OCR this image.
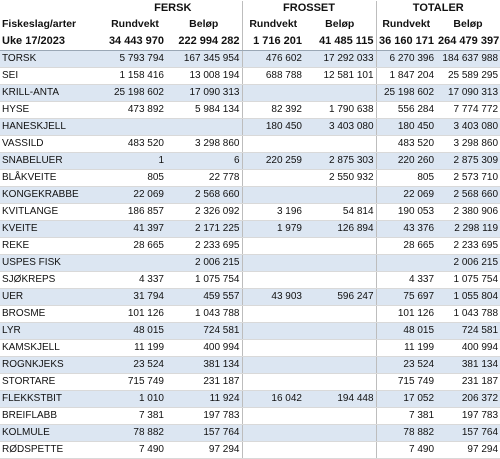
	FERSK		FROSSET		TOTALER	
Fiskeslag/arter	Rundvekt	Beløp	Rundvekt	Beløp	Rundvekt	Beløp
Uke 17/2023	34 443 970	222 994 282	1 716 201	41 485 115	36 160 171	264 479 397
TORSK	5 793 794	167 345 954	476 602	17 292 033	6 270 396	184 637 988
SEI	1 158 416	13 008 194	688 788	12 581 101	1 847 204	25 589 295
KRILL-ANTA	25 198 602	17 090 313			25 198 602	17 090 313
HYSE	473 892	5 984 134	82 392	1 790 638	556 284	7 774 772
HANESKJELL			180 450	3 403 080	180 450	3 403 080
VASSILD	483 520	3 298 860			483 520	3 298 860
SNABELUER	1	6	220 259	2 875 303	220 260	2 875 309
BLÅKVEITE	805	22 778		2 550 932	805	2 573 710
KONGEKRABBE	22 069	2 568 660			22 069	2 568 660
KVITLANGE	186 857	2 326 092	3 196	54 814	190 053	2 380 906
KVEITE	41 397	2 171 225	1 979	126 894	43 376	2 298 119
REKE	28 665	2 233 695			28 665	2 233 695
USPES FISK		2 006 215				2 006 215
SJØKREPS	4 337	1 075 754			4 337	1 075 754
UER	31 794	459 557	43 903	596 247	75 697	1 055 804
BROSME	101 126	1 043 788			101 126	1 043 788
LYR	48 015	724 581			48 015	724 581
KAMSKJELL	11 199	400 994			11 199	400 994
ROGNKJEKS	23 524	381 134			23 524	381 134
STORTARE	715 749	231 187			715 749	231 187
FLEKKSTBIT	1 010	11 924	16 042	194 448	17 052	206 372
BREIFLABB	7 381	197 783			7 381	197 783
KOLMULE	78 882	157 764			78 882	157 764
RØDSPETTE	7 490	97 294			7 490	97 294
